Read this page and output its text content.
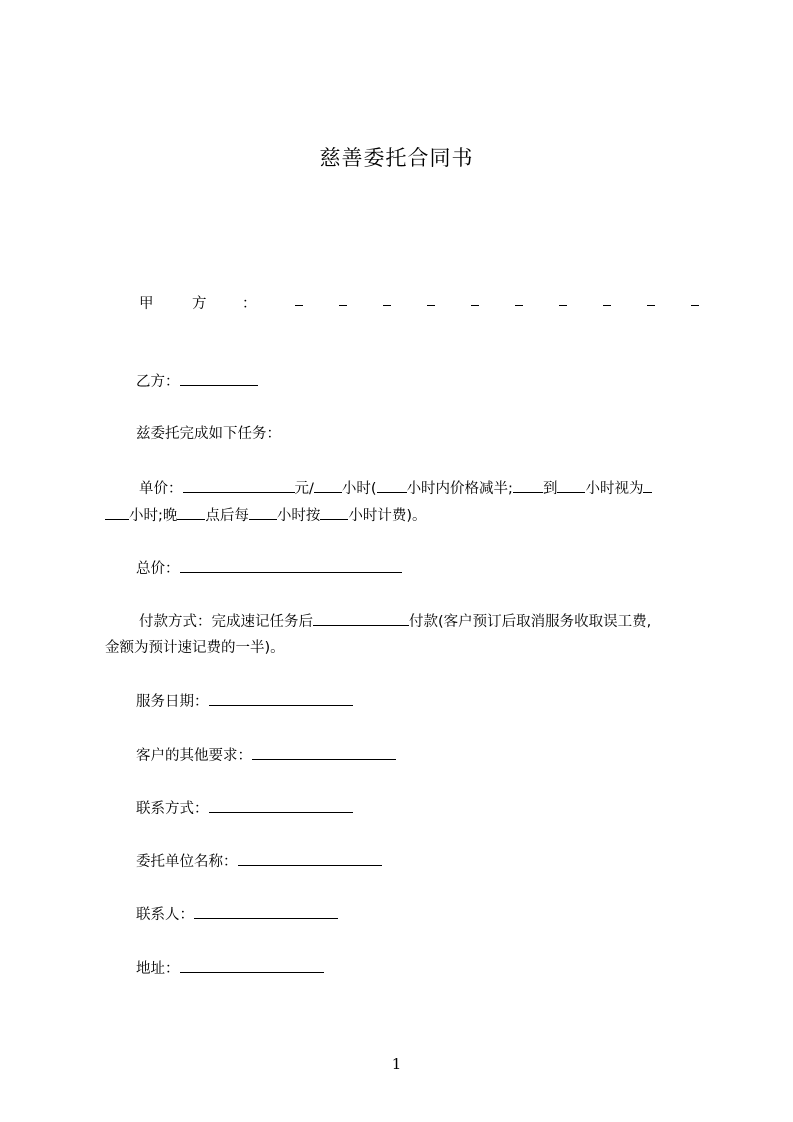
慈善委托合同书
甲	方 ：
乙方：
兹委托完成如下任务：
单价：	元/ 小时( 小时内价格减半; 到 小时视为
小时;晚 点后每 小时按 小时计费)。
总价：
付款方式：完成速记任务后	付款(客户预订后取消服务收取误工费,
金额为预计速记费的一半)。
服务日期：
客户的其他要求：
联系方式：
委托单位名称：
联系人：
地址：
1
